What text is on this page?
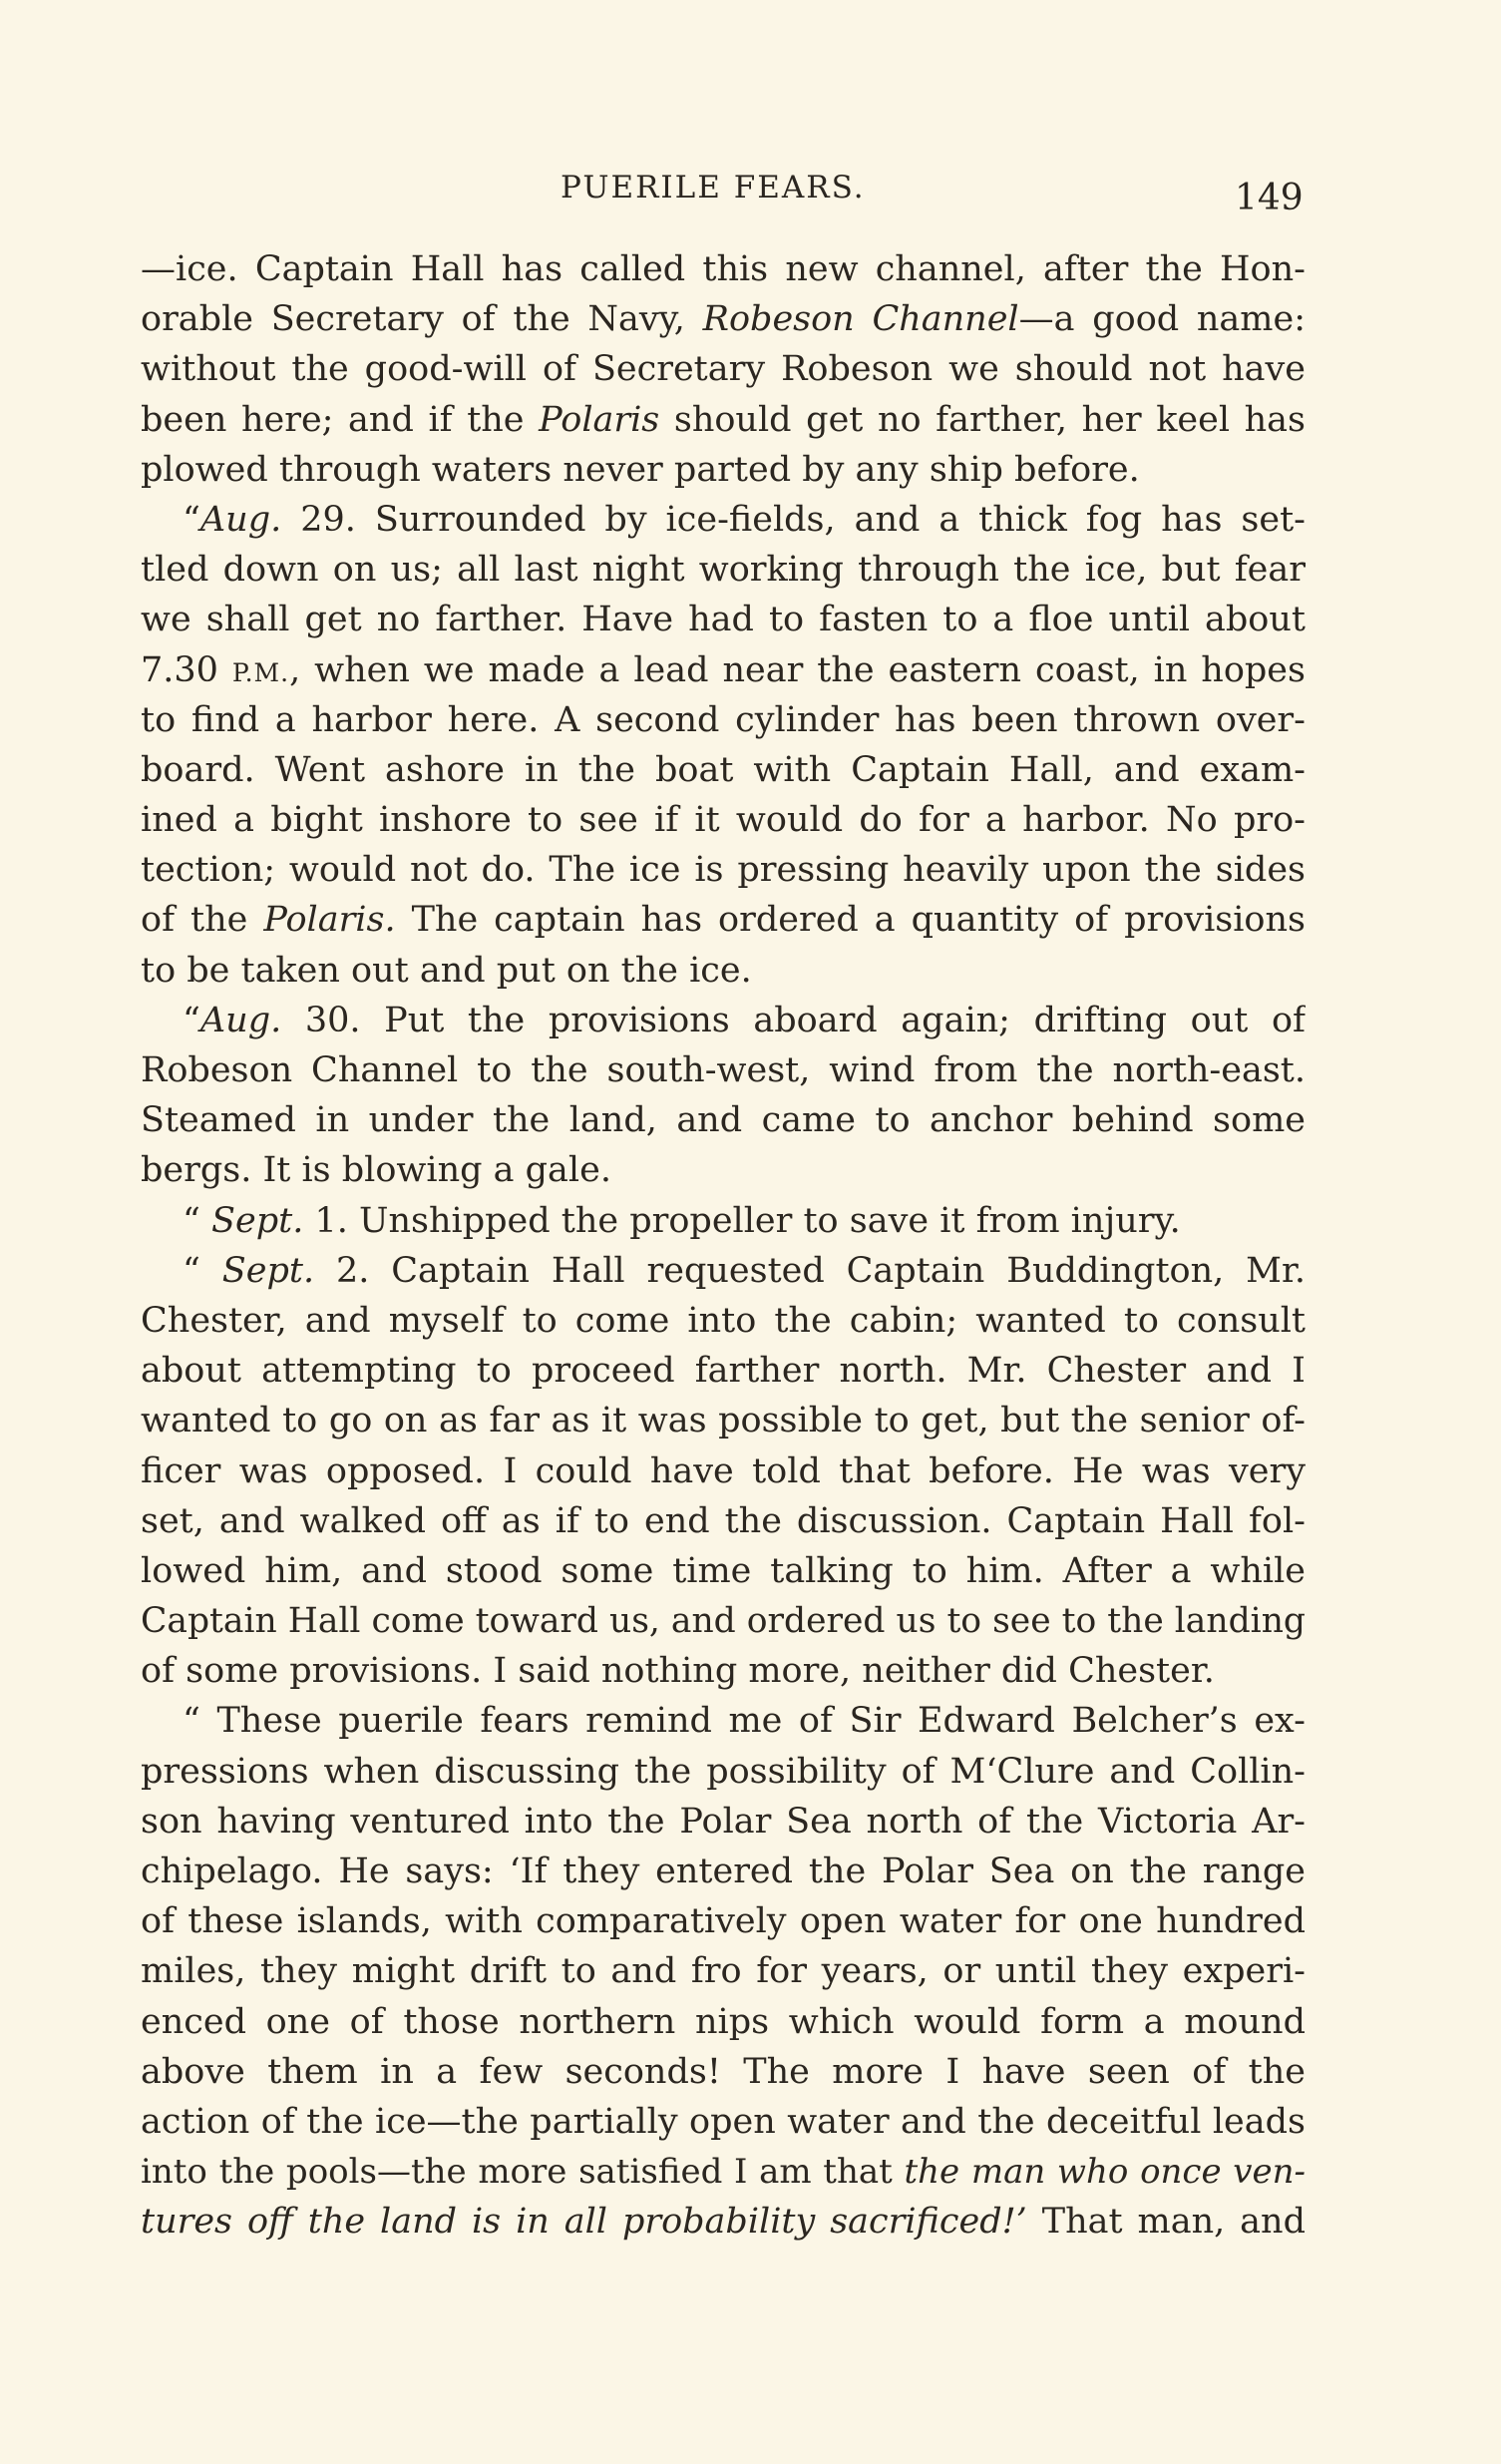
PUERILE FEARS.	149
—ice. Captain Hall has called this new channel, after the Hon-
orable Secretary of the Navy, Robeson Channel—a good name:
without the good-will of Secretary Robeson we should not have
been here; and if the Polaris should get no farther, her keel has
plowed through waters never parted by any ship before.
“Aug. 29. Surrounded by ice-fields, and a thick fog has set-
tled down on us; all last night working through the ice, but fear
we shall get no farther. Have had to fasten to a floe until about
7.30 P.M., when we made a lead near the eastern coast, in hopes
to find a harbor here. A second cylinder has been thrown over-
board. Went ashore in the boat with Captain Hall, and exam-
ined a bight inshore to see if it would do for a harbor. No pro-
tection; would not do. The ice is pressing heavily upon the sides
of the Polaris. The captain has ordered a quantity of provisions
to be taken out and put on the ice.
“Aug. 30. Put the provisions aboard again; drifting out of
Robeson Channel to the south-west, wind from the north-east.
Steamed in under the land, and came to anchor behind some
bergs. It is blowing a gale.
“ Sept. 1. Unshipped the propeller to save it from injury.
“ Sept. 2. Captain Hall requested Captain Buddington, Mr.
Chester, and myself to come into the cabin; wanted to consult
about attempting to proceed farther north. Mr. Chester and I
wanted to go on as far as it was possible to get, but the senior of-
ficer was opposed. I could have told that before. He was very
set, and walked off as if to end the discussion. Captain Hall fol-
lowed him, and stood some time talking to him. After a while
Captain Hall come toward us, and ordered us to see to the landing
of some provisions. I said nothing more, neither did Chester.
“ These puerile fears remind me of Sir Edward Belcher’s ex-
pressions when discussing the possibility of M‘Clure and Collin-
son having ventured into the Polar Sea north of the Victoria Ar-
chipelago. He says: ‘If they entered the Polar Sea on the range
of these islands, with comparatively open water for one hundred
miles, they might drift to and fro for years, or until they experi-
enced one of those northern nips which would form a mound
above them in a few seconds! The more I have seen of the
action of the ice—the partially open water and the deceitful leads
into the pools—the more satisfied I am that the man who once ven-
tures off the land is in all probability sacrificed!’ That man, and
